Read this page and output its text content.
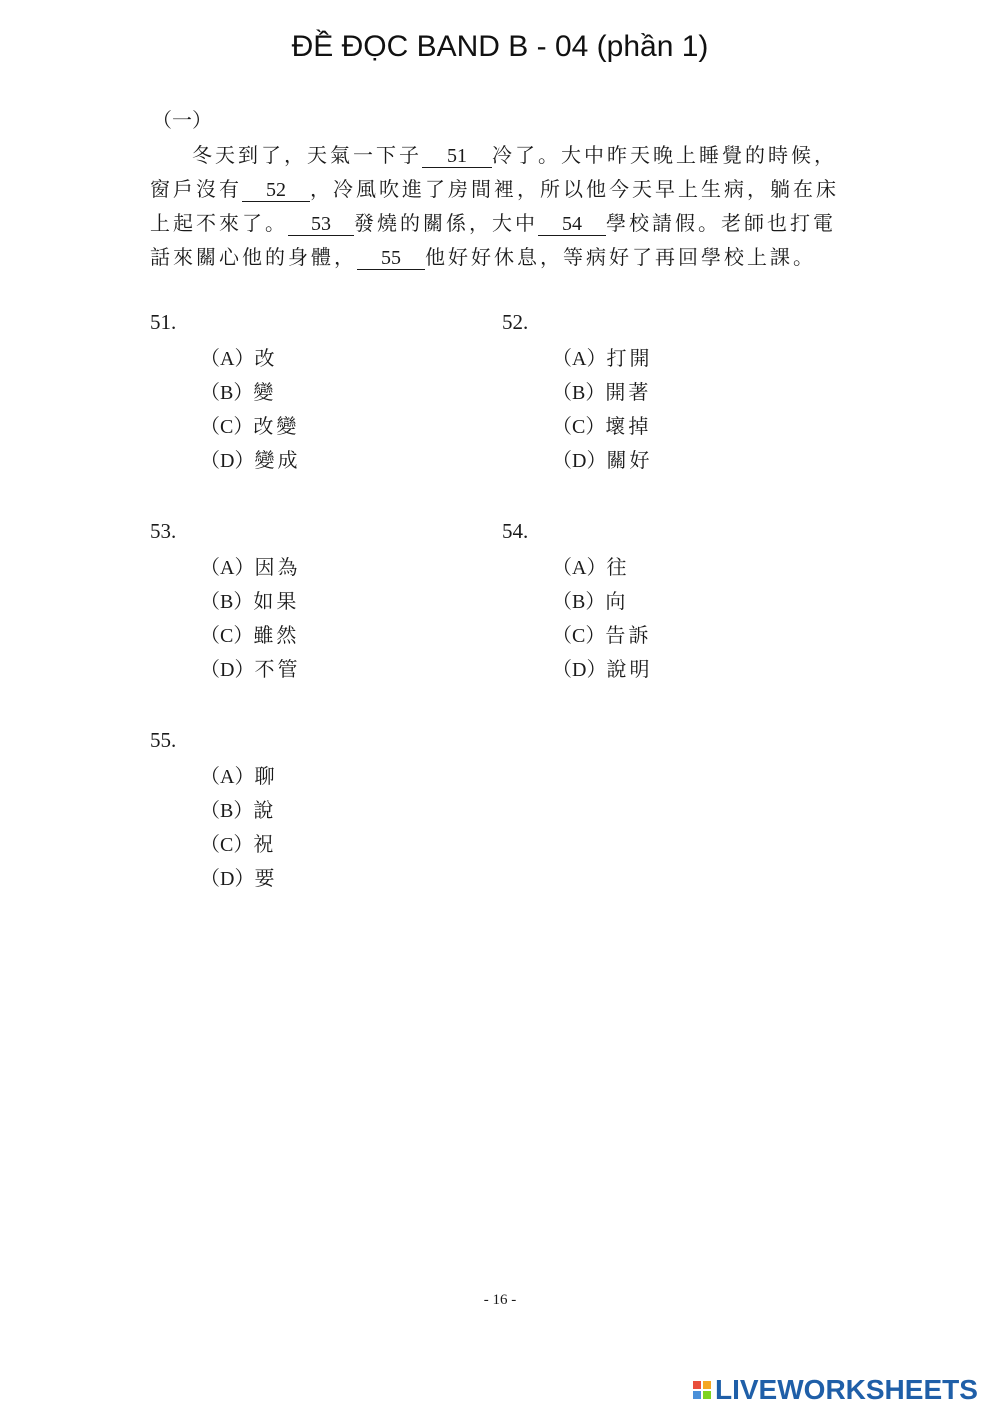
ĐỀ ĐỌC BAND B - 04 (phần 1)
（一）
冬天到了，天氣一下子 51 冷了。大中昨天晚上睡覺的時候，
窗戶沒有 52 ，冷風吹進了房間裡，所以他今天早上生病，躺在床
上起不來了。 53 發燒的關係，大中 54 學校請假。老師也打電
話來關心他的身體， 55 他好好休息，等病好了再回學校上課。
51.
（A）改
（B）變
（C）改變
（D）變成
52.
（A）打開
（B）開著
（C）壞掉
（D）關好
53.
（A）因為
（B）如果
（C）雖然
（D）不管
54.
（A）往
（B）向
（C）告訴
（D）說明
55.
（A）聊
（B）說
（C）祝
（D）要
- 16 -
LIVEWORKSHEETS
